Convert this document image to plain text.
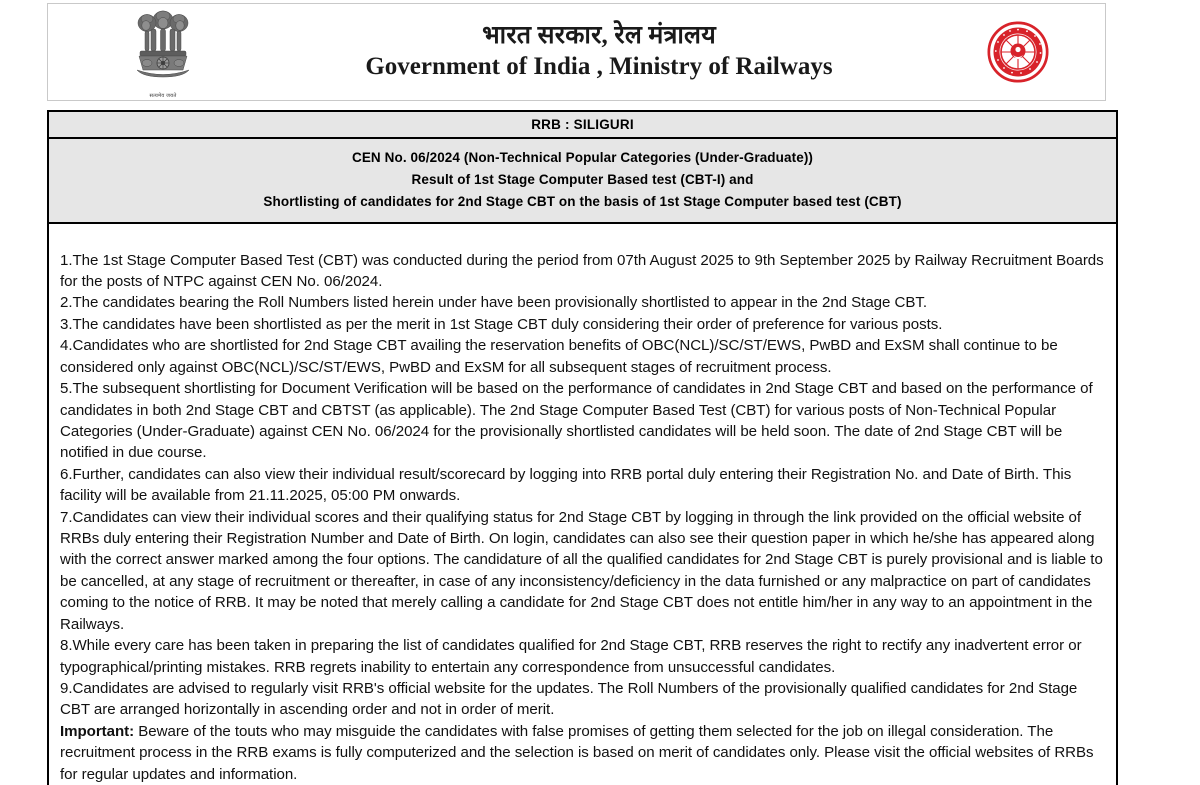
सत्यमेव जयते
भारत सरकार, रेल मंत्रालय
Government of India , Ministry of Railways
RRB : SILIGURI
CEN No. 06/2024 (Non-Technical Popular Categories (Under-Graduate))
Result of 1st Stage Computer Based test (CBT-I) and
Shortlisting of candidates for 2nd Stage CBT on the basis of 1st Stage Computer based test (CBT)

1.The 1st Stage Computer Based Test (CBT) was conducted during the period from 07th August 2025 to 9th September 2025 by Railway Recruitment Boards for the posts of NTPC against CEN No. 06/2024.

2.The candidates bearing the Roll Numbers listed herein under have been provisionally shortlisted to appear in the 2nd Stage CBT.

3.The candidates have been shortlisted as per the merit in 1st Stage CBT duly considering their order of preference for various posts.

4.Candidates who are shortlisted for 2nd Stage CBT availing the reservation benefits of OBC(NCL)/SC/ST/EWS, PwBD and ExSM shall continue to be considered only against OBC(NCL)/SC/ST/EWS, PwBD and ExSM for all subsequent stages of recruitment process.

5.The subsequent shortlisting for Document Verification will be based on the performance of candidates in 2nd Stage CBT and based on the performance of candidates in both 2nd Stage CBT and CBTST (as applicable). The 2nd Stage Computer Based Test (CBT) for various posts of Non-Technical Popular Categories (Under-Graduate) against CEN No. 06/2024 for the provisionally shortlisted candidates will be held soon. The date of 2nd Stage CBT will be notified in due course.

6.Further, candidates can also view their individual result/scorecard by logging into RRB portal duly entering their Registration No. and Date of Birth. This facility will be available from 21.11.2025, 05:00 PM onwards.

7.Candidates can view their individual scores and their qualifying status for 2nd Stage CBT by logging in through the link provided on the official website of RRBs duly entering their Registration Number and Date of Birth. On login, candidates can also see their question paper in which he/she has appeared along with the correct answer marked among the four options. The candidature of all the qualified candidates for 2nd Stage CBT is purely provisional and is liable to be cancelled, at any stage of recruitment or thereafter, in case of any inconsistency/deficiency in the data furnished or any malpractice on part of candidates coming to the notice of RRB. It may be noted that merely calling a candidate for 2nd Stage CBT does not entitle him/her in any way to an appointment in the Railways.

8.While every care has been taken in preparing the list of candidates qualified for 2nd Stage CBT, RRB reserves the right to rectify any inadvertent error or typographical/printing mistakes. RRB regrets inability to entertain any correspondence from unsuccessful candidates.

9.Candidates are advised to regularly visit RRB's official website for the updates. The Roll Numbers of the provisionally qualified candidates for 2nd Stage CBT are arranged horizontally in ascending order and not in order of merit.

Important: Beware of the touts who may misguide the candidates with false promises of getting them selected for the job on illegal consideration. The recruitment process in the RRB exams is fully computerized and the selection is based on merit of candidates only. Please visit the official websites of RRBs for regular updates and information.
